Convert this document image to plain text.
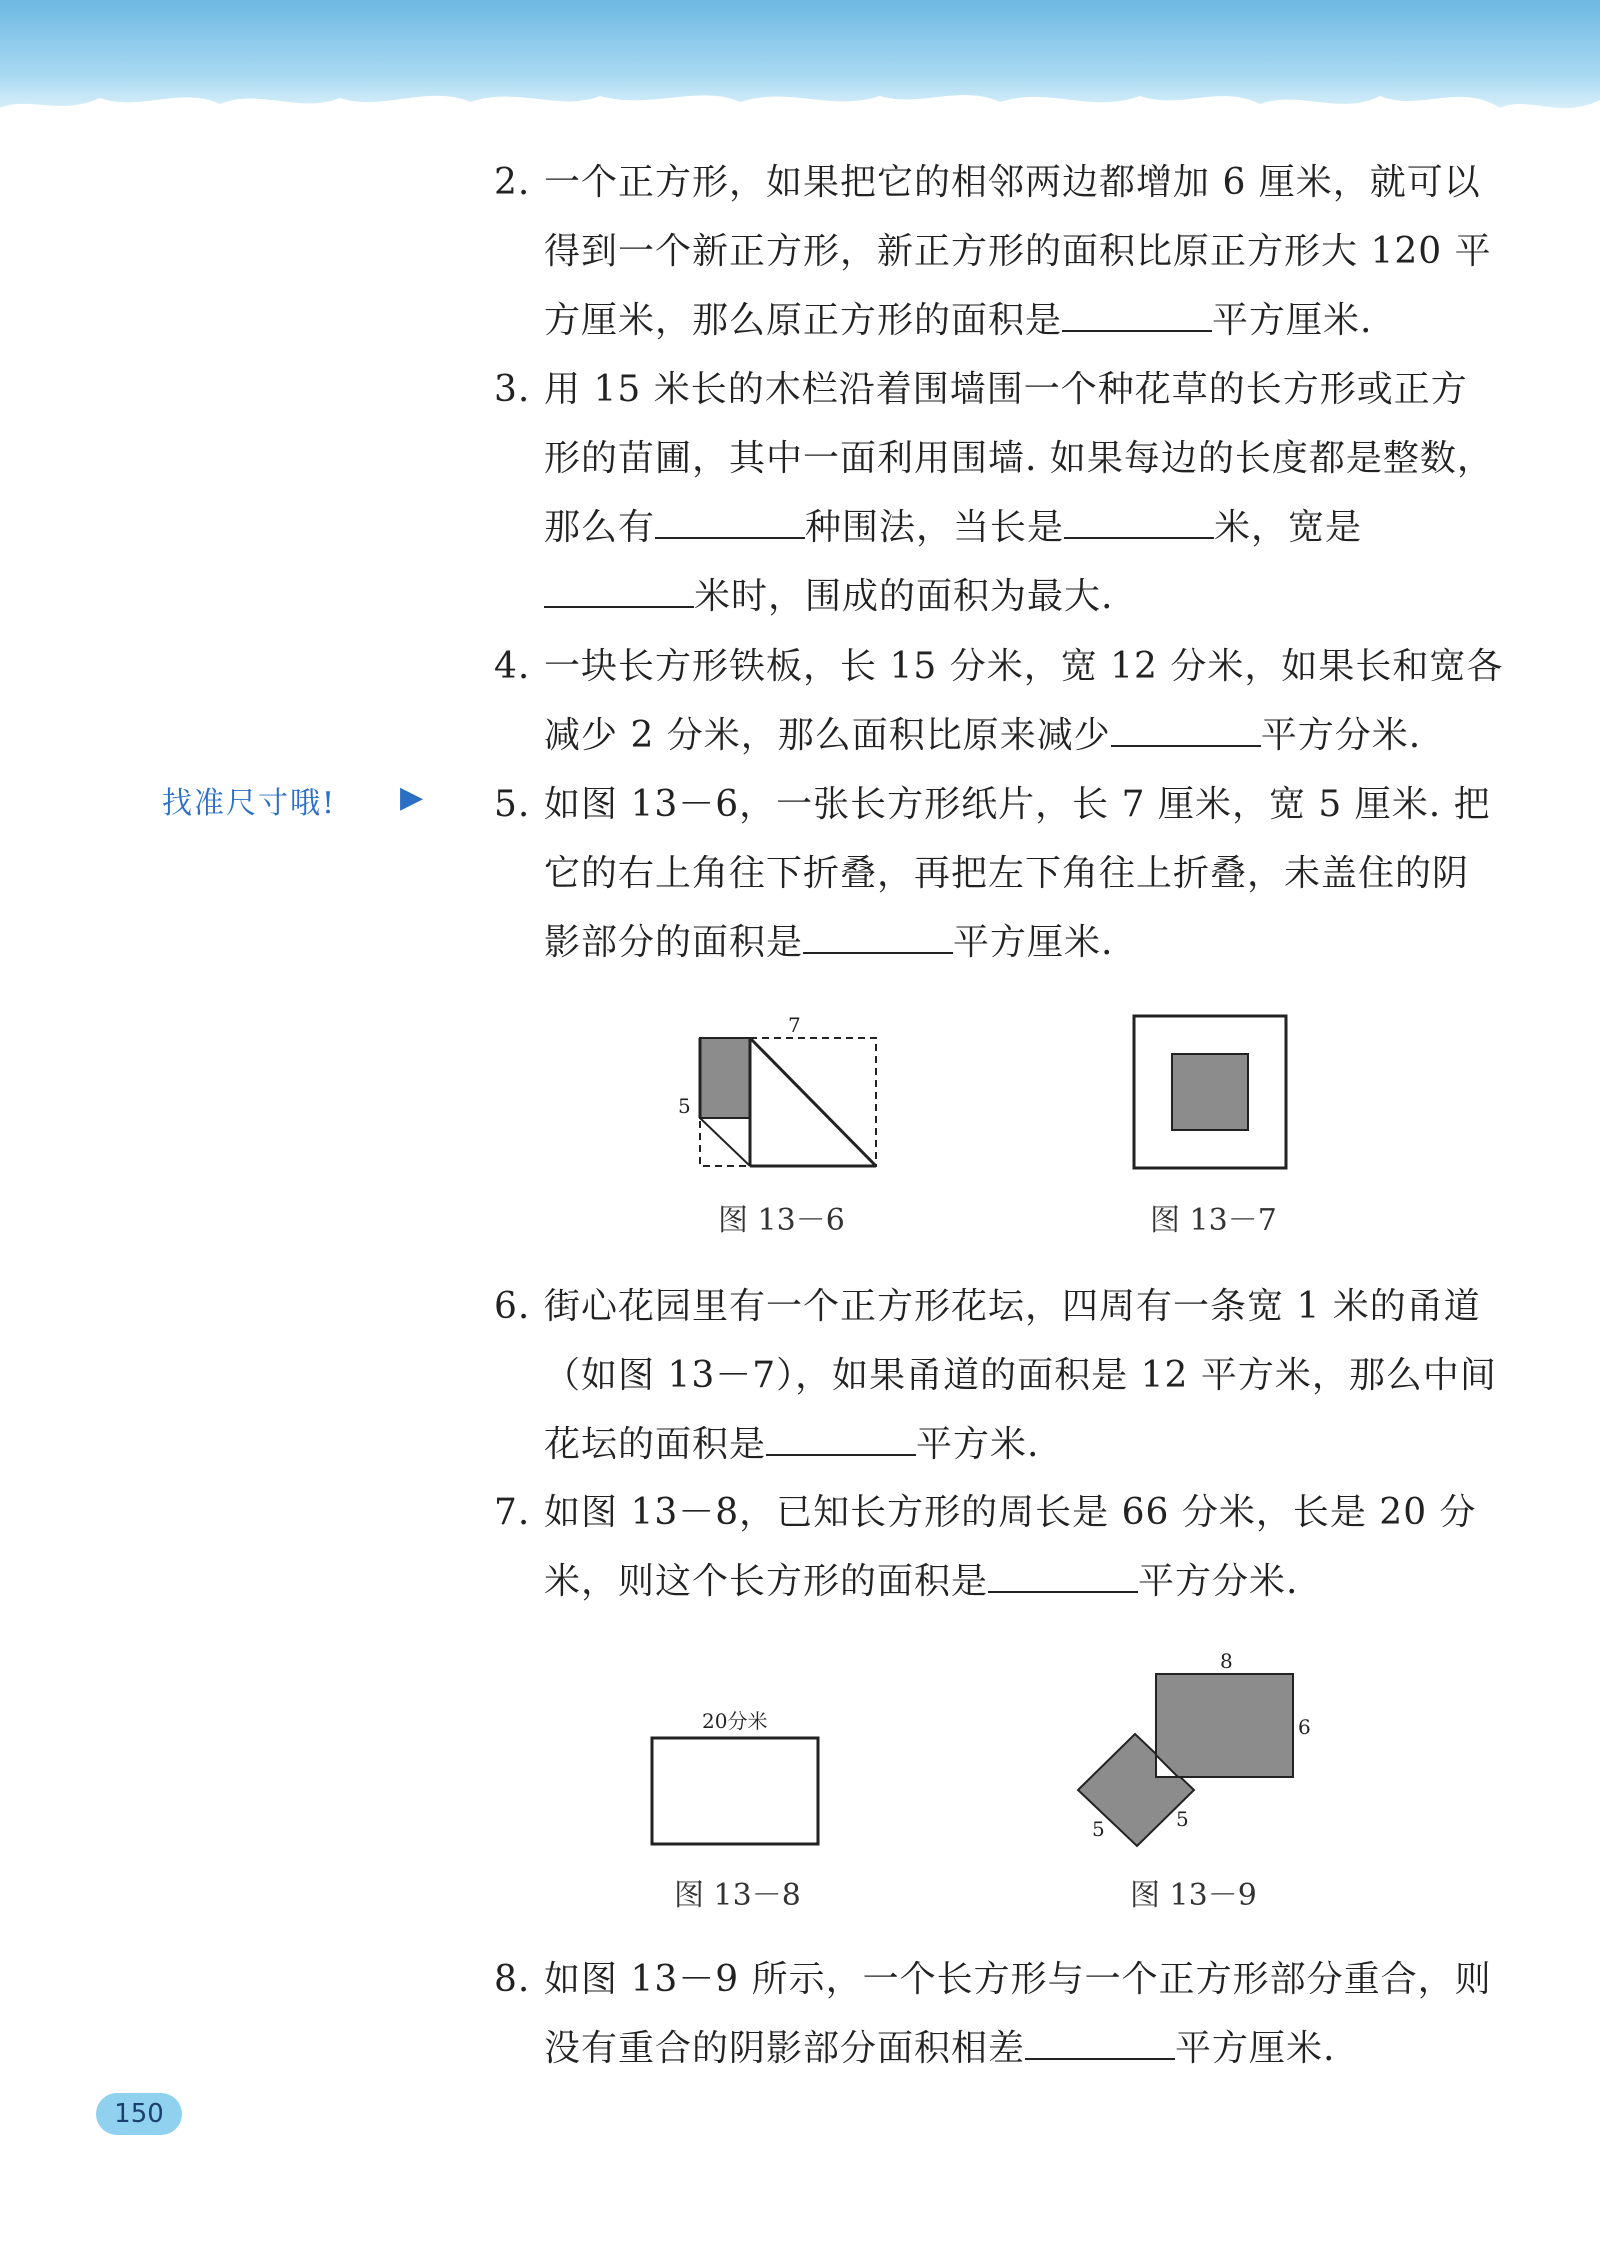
找准尺寸哦! ▶
2. 一个正方形，如果把它的相邻两边都增加 6 厘米，就可以得到一个新正方形，新正方形的面积比原正方形大 120 平方厘米，那么原正方形的面积是	平方厘米.
3. 用 15 米长的木栏沿着围墙围一个种花草的长方形或正方形的苗圃，其中一面利用围墙. 如果每边的长度都是整数，那么有	种围法，当长是	米，宽是米时，围成的面积为最大.
4. 一块长方形铁板，长 15 分米，宽 12 分米，如果长和宽各减少 2 分米，那么面积比原来减少	平方分米.
5. 如图 13－6，一张长方形纸片，长 7 厘米，宽 5 厘米. 把它的右上角往下折叠，再把左下角往上折叠，未盖住的阴影部分的面积是	平方厘米.
7
5
图 13－6	图 13－7
6. 街心花园里有一个正方形花坛，四周有一条宽 1 米的甬道（如图 13－7），如果甬道的面积是 12 平方米，那么中间花坛的面积是	平方米.
7. 如图 13－8，已知长方形的周长是 66 分米，长是 20 分米，则这个长方形的面积是	平方分米.
20分米
图 13－8
8
6
5	5
图 13－9
8. 如图 13－9 所示，一个长方形与一个正方形部分重合，则没有重合的阴影部分面积相差	平方厘米.
150
